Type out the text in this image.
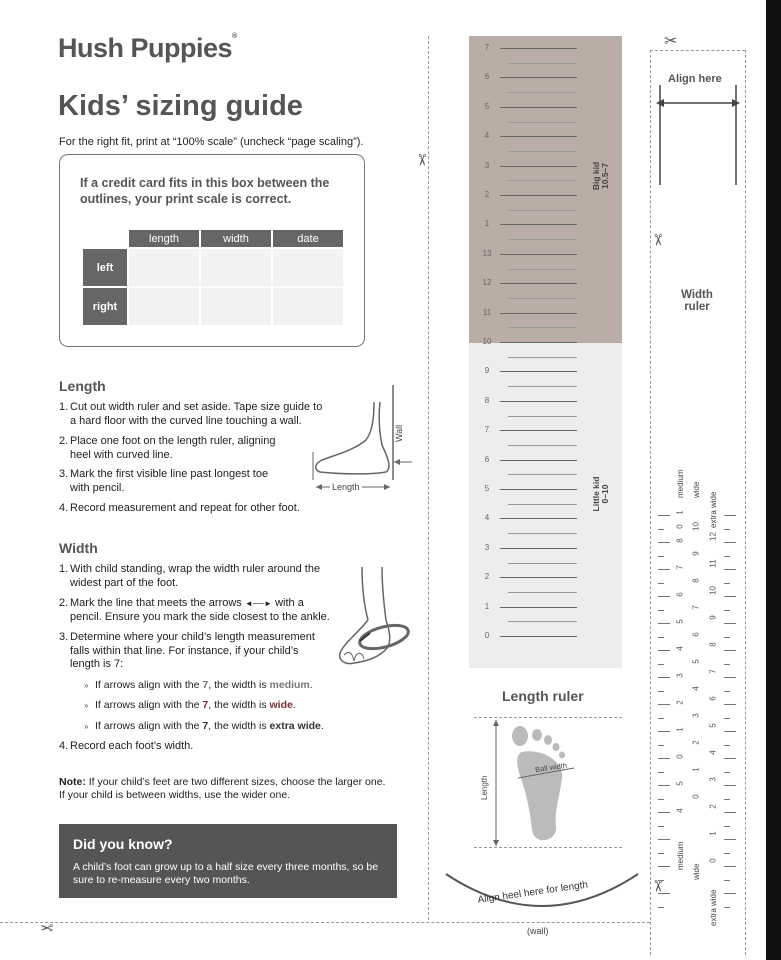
Hush Puppies®
Kids’ sizing guide
For the right fit, print at “100% scale” (uncheck “page scaling”).
If a credit card fits in this box between the outlines, your print scale is correct.
	length	width	date
left			
right			
Length
1. Cut out width ruler and set aside. Tape size guide to
a hard floor with the curved line touching a wall.
2. Place one foot on the length ruler, aligning
heel with curved line.
3. Mark the first visible line past longest toe
with pencil.
4. Record measurement and repeat for other foot.
Length
Wall
Width
1. With child standing, wrap the width ruler around the
widest part of the foot.
2. Mark the line that meets the arrows ◄──► with a
pencil. Ensure you mark the side closest to the ankle.
3. Determine where your child’s length measurement
falls within that line. For instance, if your child’s
length is 7:
» If arrows align with the 7, the width is medium.
» If arrows align with the 7, the width is wide.
» If arrows align with the 7, the width is extra wide.
4. Record each foot’s width.
Note: If your child’s feet are two different sizes, choose the larger one.
If your child is between widths, use the wider one.
Did you know?
A child’s foot can grow up to a half size every three months, so be sure to re-measure every two months.
✂
✂
✂
✂
✂
7
6
5
4
3
2
1
13
12
11
10
9
8
7
6
5
4
3
2
1
0
Big kid 10.5–7
Little kid 0–10
Length ruler
Length
Ball width
Align heel here for length
(wall)
Align here
Width
ruler
medium wide
extra wide
medium
wide
extra wide
1
0
8
7
6
5
4
3
2
1
0
5
4
10
9
8
7
6
5
4
3
2
1
0
12
11
10
9
8
7
6
5
4
3
2
1
0
